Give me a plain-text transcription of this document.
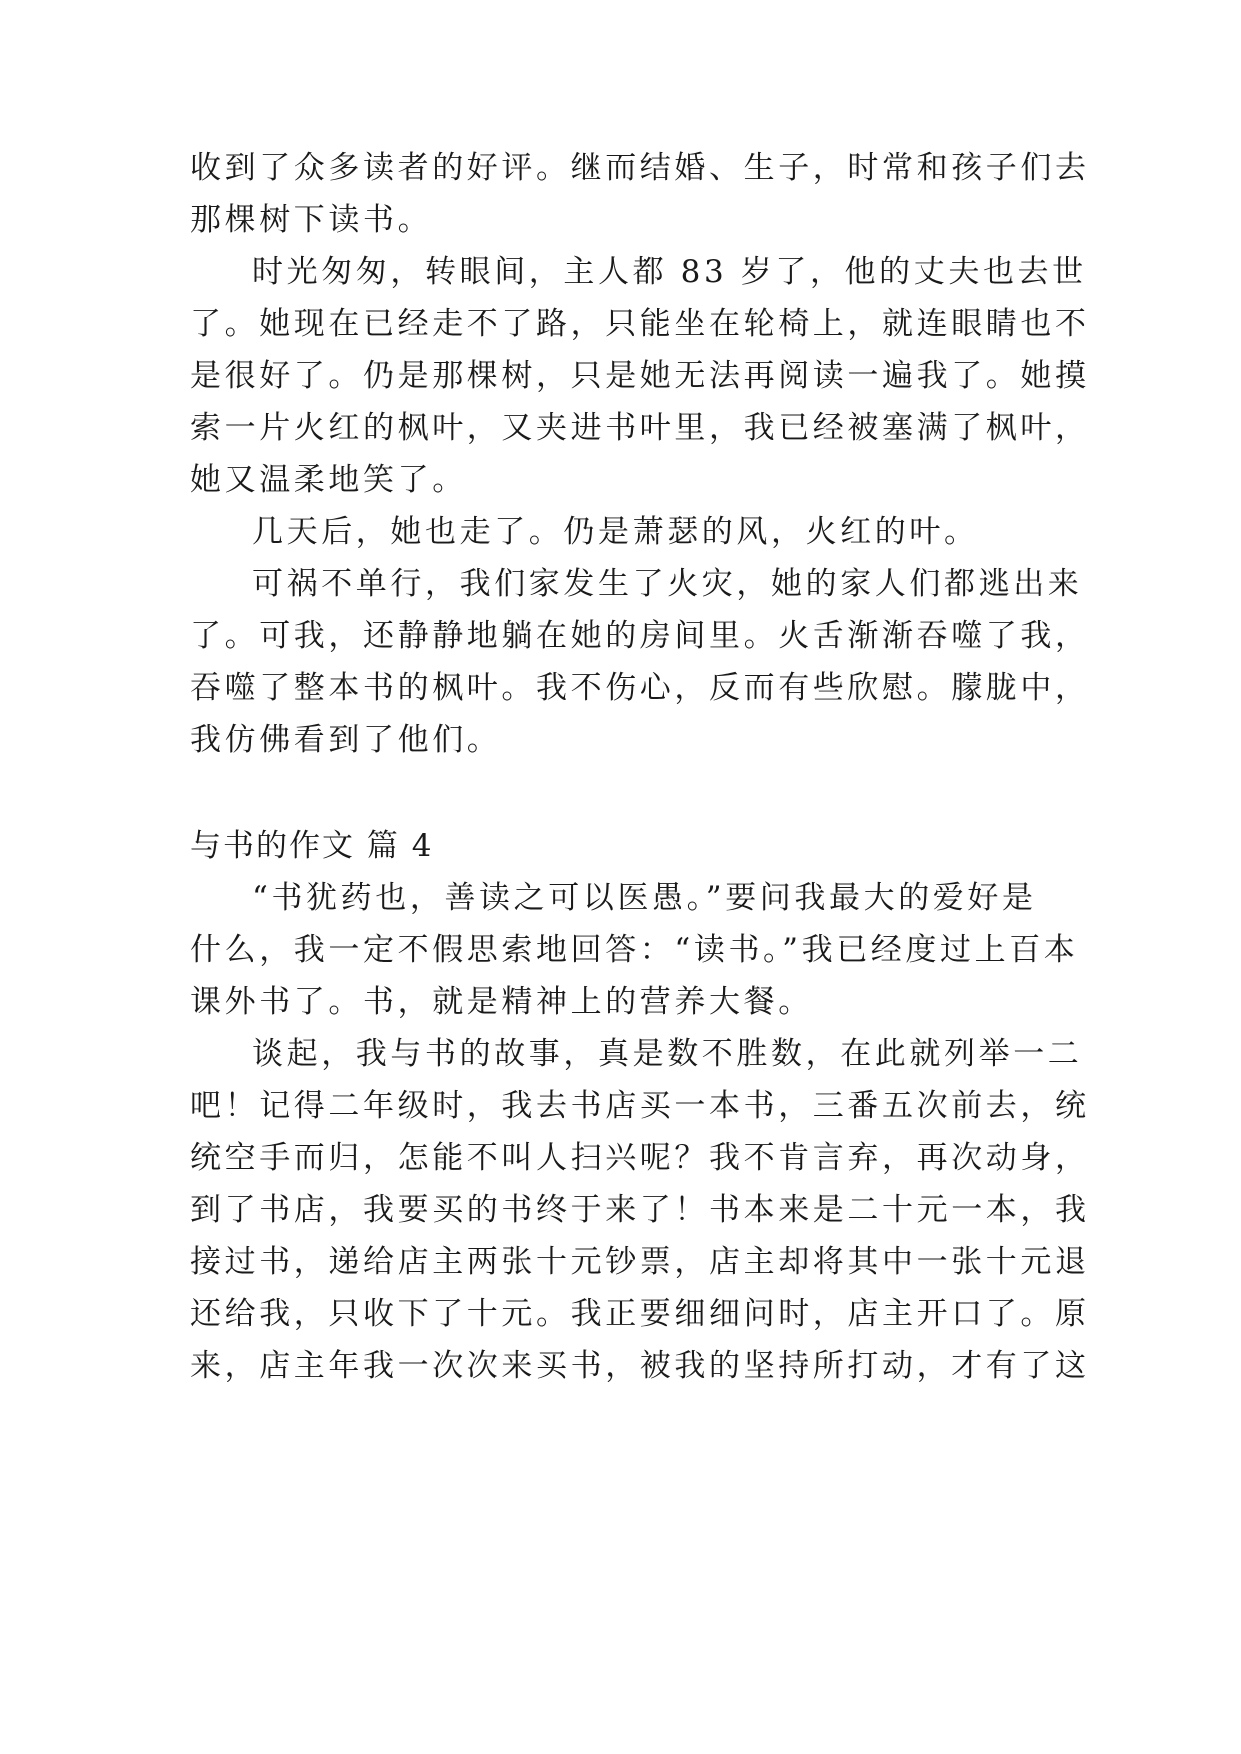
收到了众多读者的好评。继而结婚、生子，时常和孩子们去
那棵树下读书。
时光匆匆，转眼间，主人都 83 岁了，他的丈夫也去世
了。她现在已经走不了路，只能坐在轮椅上，就连眼睛也不
是很好了。仍是那棵树，只是她无法再阅读一遍我了。她摸
索一片火红的枫叶，又夹进书叶里，我已经被塞满了枫叶，
她又温柔地笑了。
几天后，她也走了。仍是萧瑟的风，火红的叶。
可祸不单行，我们家发生了火灾，她的家人们都逃出来
了。可我，还静静地躺在她的房间里。火舌渐渐吞噬了我，
吞噬了整本书的枫叶。我不伤心，反而有些欣慰。朦胧中，
我仿佛看到了他们。
与书的作文 篇 4
“书犹药也，善读之可以医愚。”要问我最大的爱好是
什么，我一定不假思索地回答：“读书。”我已经度过上百本
课外书了。书，就是精神上的营养大餐。
谈起，我与书的故事，真是数不胜数，在此就列举一二
吧！记得二年级时，我去书店买一本书，三番五次前去，统
统空手而归，怎能不叫人扫兴呢？我不肯言弃，再次动身，
到了书店，我要买的书终于来了！书本来是二十元一本，我
接过书，递给店主两张十元钞票，店主却将其中一张十元退
还给我，只收下了十元。我正要细细问时，店主开口了。原
来，店主年我一次次来买书，被我的坚持所打动，才有了这
